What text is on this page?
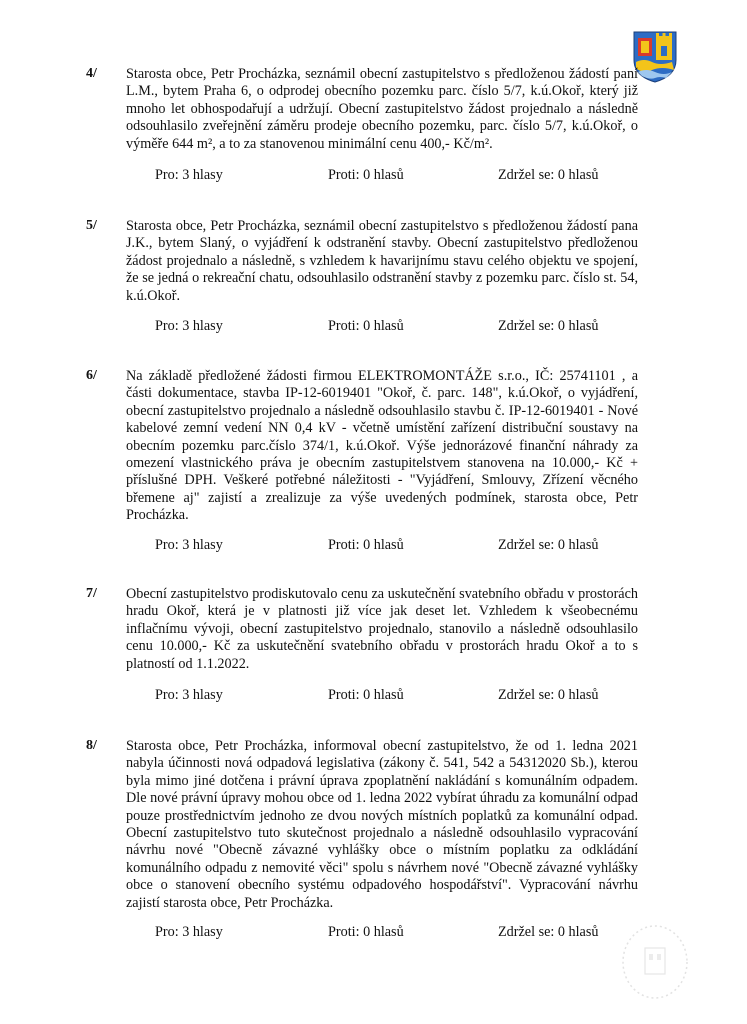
4/ Starosta obce, Petr Procházka, seznámil obecní zastupitelstvo s předloženou žádostí paní L.M., bytem Praha 6, o odprodej obecního pozemku parc. číslo 5/7, k.ú.Okoř, který již mnoho let obhospodařují a udržují. Obecní zastupitelstvo žádost projednalo a následně odsouhlasilo zveřejnění záměru prodeje obecního pozemku, parc. číslo 5/7, k.ú.Okoř, o výměře 644 m², a to za stanovenou minimální cenu 400,- Kč/m².

Pro: 3 hlasy	Proti: 0 hlasů	Zdržel se: 0 hlasů
5/ Starosta obce, Petr Procházka, seznámil obecní zastupitelstvo s předloženou žádostí pana J.K., bytem Slaný, o vyjádření k odstranění stavby. Obecní zastupitelstvo předloženou žádost projednalo a následně, s vzhledem k havarijnímu stavu celého objektu ve spojení, že se jedná o rekreační chatu, odsouhlasilo odstranění stavby z pozemku parc. číslo st. 54, k.ú.Okoř.

Pro: 3 hlasy	Proti: 0 hlasů	Zdržel se: 0 hlasů
6/ Na základě předložené žádosti firmou ELEKTROMONTÁŽE s.r.o., IČ: 25741101 , a části dokumentace, stavba IP-12-6019401 "Okoř, č. parc. 148", k.ú.Okoř, o vyjádření, obecní zastupitelstvo projednalo a následně odsouhlasilo stavbu č. IP-12-6019401 - Nové kabelové zemní vedení NN 0,4 kV - včetně umístění zařízení distribuční soustavy na obecním pozemku parc.číslo 374/1, k.ú.Okoř. Výše jednorázové finanční náhrady za omezení vlastnického práva je obecním zastupitelstvem stanovena na 10.000,- Kč + příslušné DPH. Veškeré potřebné náležitosti - "Vyjádření, Smlouvy, Zřízení věcného břemene aj" zajistí a zrealizuje za výše uvedených podmínek, starosta obce, Petr Procházka.

Pro: 3 hlasy	Proti: 0 hlasů	Zdržel se: 0 hlasů
7/ Obecní zastupitelstvo prodiskutovalo cenu za uskutečnění svatebního obřadu v prostorách hradu Okoř, která je v platnosti již více jak deset let. Vzhledem k všeobecnému inflačnímu vývoji, obecní zastupitelstvo projednalo, stanovilo a následně odsouhlasilo cenu 10.000,- Kč za uskutečnění svatebního obřadu v prostorách hradu Okoř a to s platností od 1.1.2022.

Pro: 3 hlasy	Proti: 0 hlasů	Zdržel se: 0 hlasů
8/ Starosta obce, Petr Procházka, informoval obecní zastupitelstvo, že od 1. ledna 2021 nabyla účinnosti nová odpadová legislativa (zákony č. 541, 542 a 54312020 Sb.), kterou byla mimo jiné dotčena i právní úprava zpoplatnění nakládání s komunálním odpadem. Dle nové právní úpravy mohou obce od 1. ledna 2022 vybírat úhradu za komunální odpad pouze prostřednictvím jednoho ze dvou nových místních poplatků za komunální odpad. Obecní zastupitelstvo tuto skutečnost projednalo a následně odsouhlasilo vypracování návrhu nové "Obecně závazné vyhlášky obce o místním poplatku za odkládání komunálního odpadu z nemovité věci" spolu s návrhem nové "Obecně závazné vyhlášky obce o stanovení obecního systému odpadového hospodářství". Vypracování návrhu zajistí starosta obce, Petr Procházka.

Pro: 3 hlasy	Proti: 0 hlasů	Zdržel se: 0 hlasů
